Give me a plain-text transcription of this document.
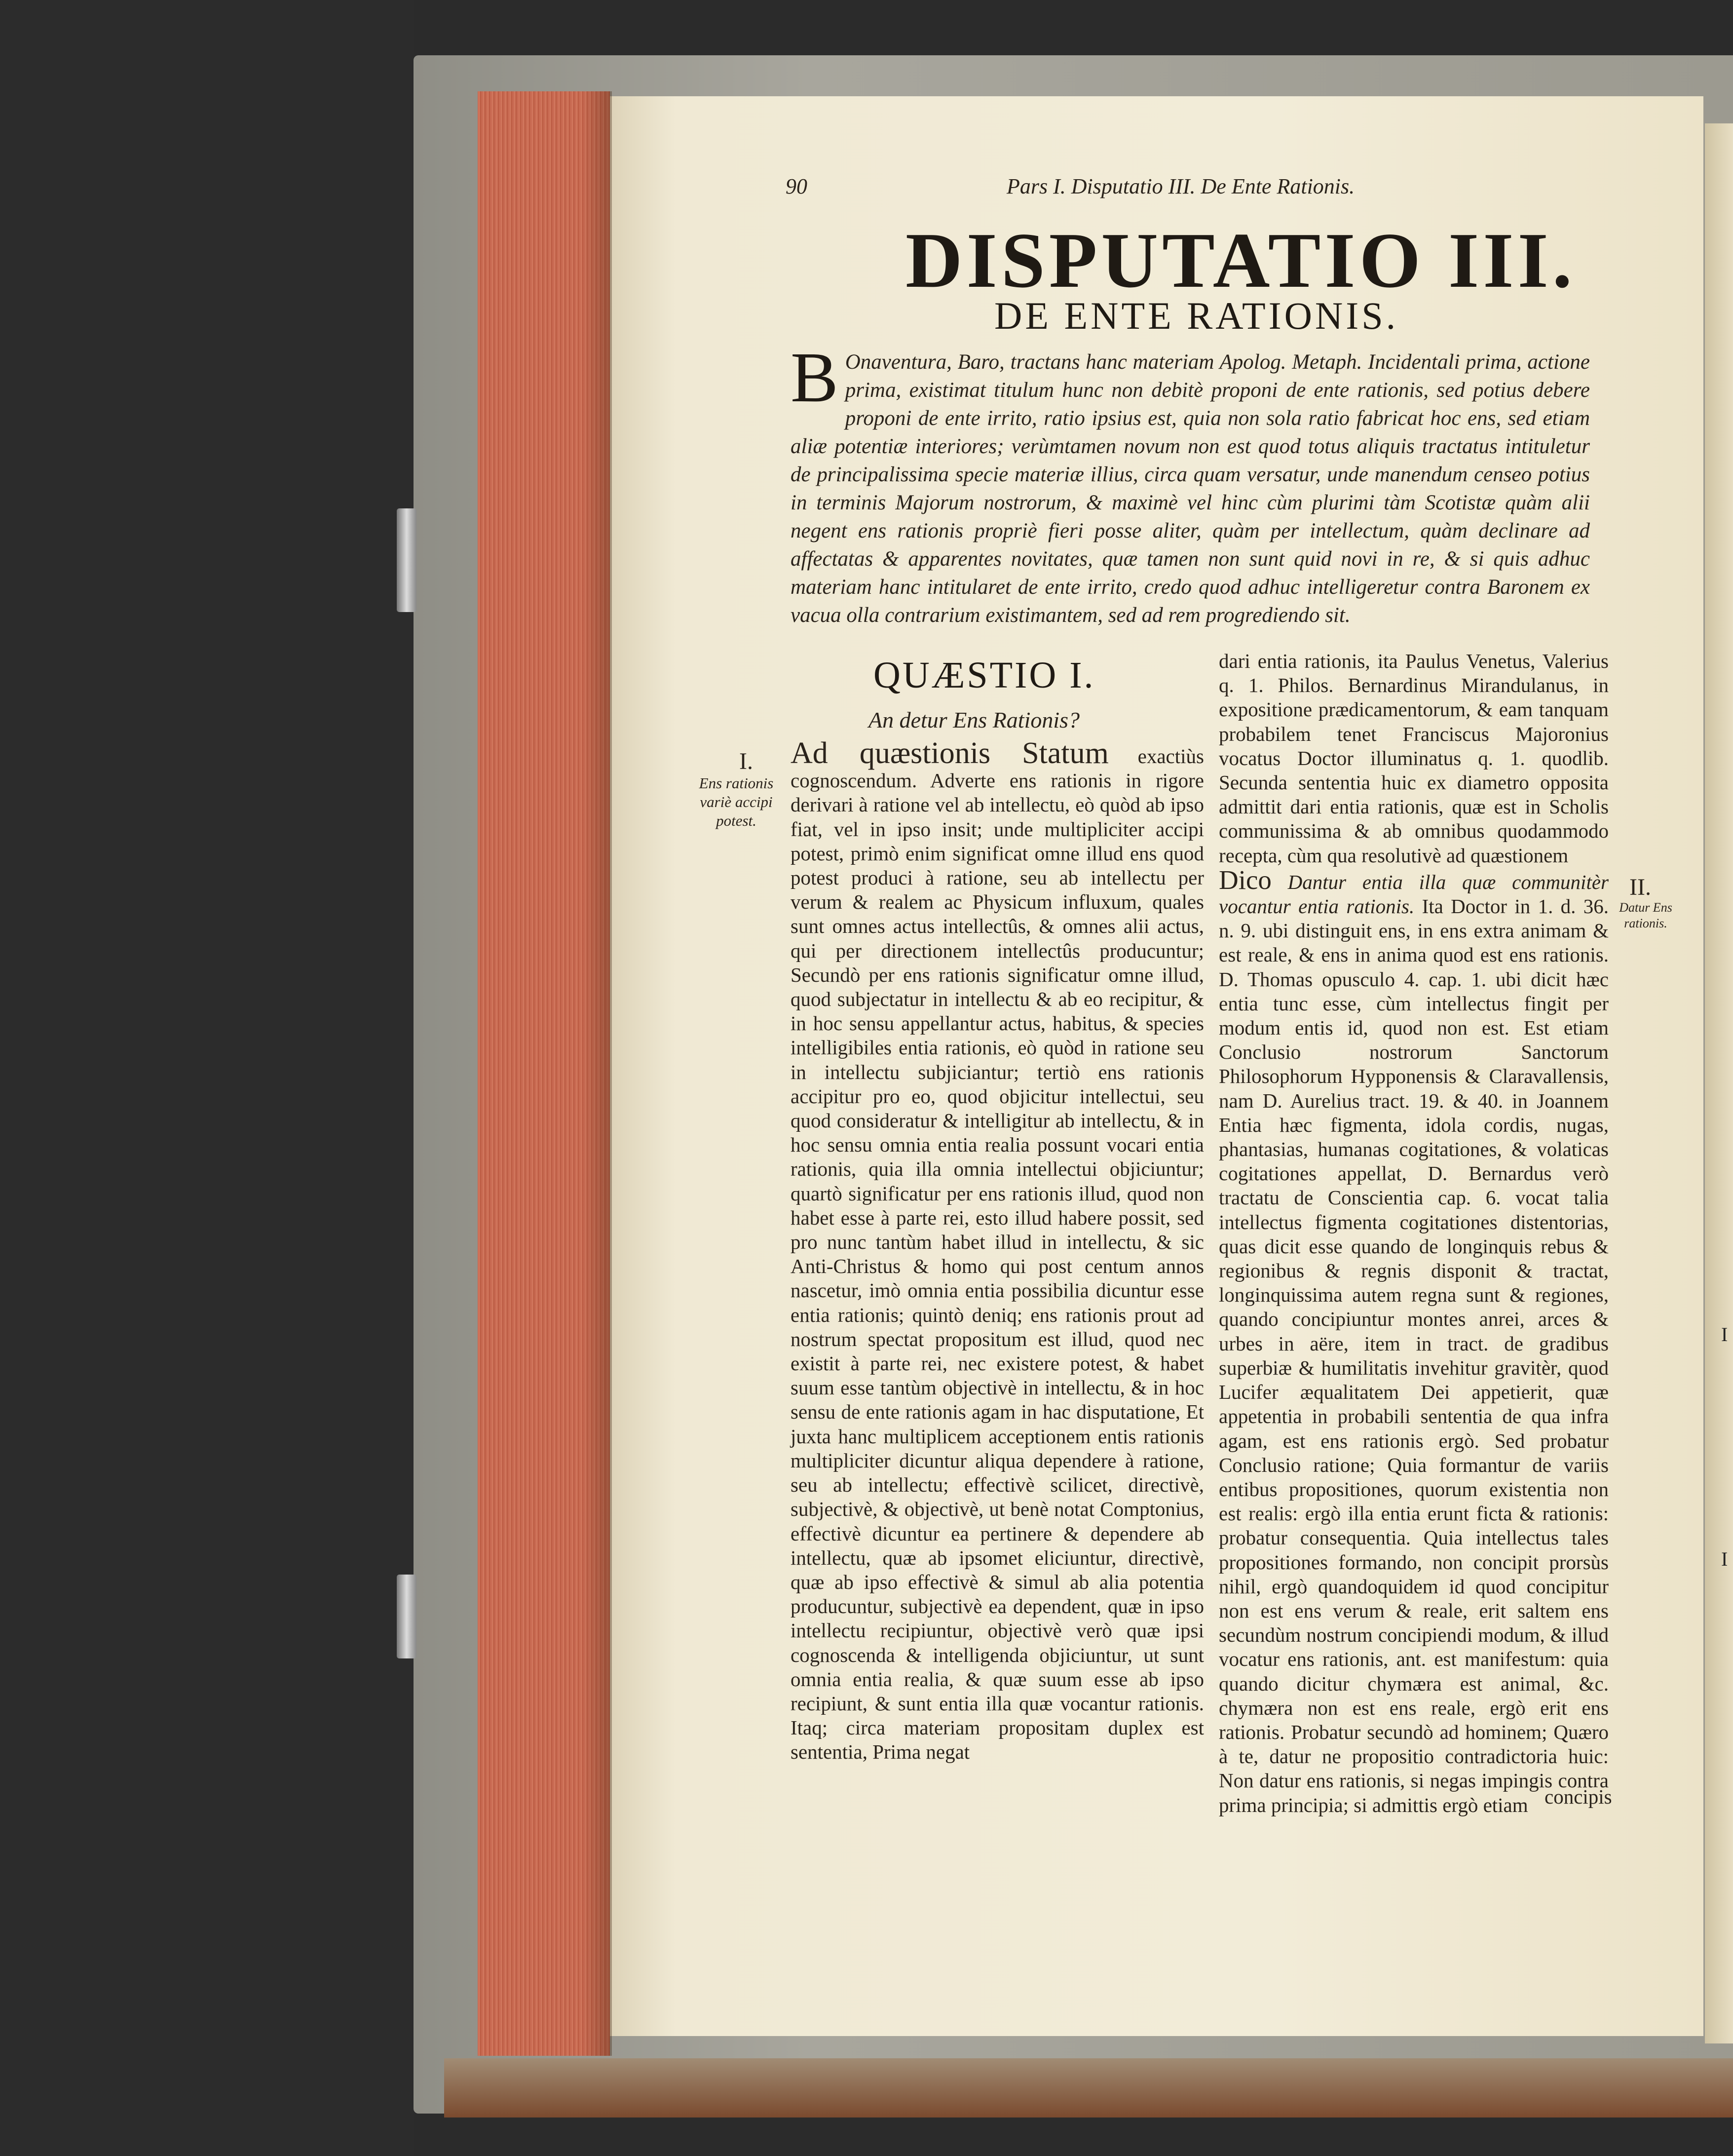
90	Pars I. Disputatio III. De Ente Rationis.
DISPUTATIO III.
DE ENTE RATIONIS.
B Onaventura, Baro, tractans hanc materiam Apolog. Metaph. Incidentali prima, actione prima, existimat titulum hunc non debitè proponi de ente rationis, sed potius debere proponi de ente irrito, ratio ipsius est, quia non sola ratio fabricat hoc ens, sed etiam aliæ potentiæ interiores; verùmtamen novum non est quod totus aliquis tractatus intituletur de principalissima specie materiæ illius, circa quam versatur, unde manendum censeo potius in terminis Majorum nostrorum, & maximè vel hinc cùm plurimi tàm Scotistæ quàm alii negent ens rationis propriè fieri posse aliter, quàm per intellectum, quàm declinare ad affectatas & apparentes novitates, quæ tamen non sunt quid novi in re, & si quis adhuc materiam hanc intitularet de ente irrito, credo quod adhuc intelligeretur contra Baronem ex vacua olla contrarium existimantem, sed ad rem progrediendo sit.
QUÆSTIO I.
An detur Ens Rationis?
Ad quæstionis Statum exactiùs cognoscendum. Adverte ens rationis in rigore derivari à ratione vel ab intellectu, eò quòd ab ipso fiat, vel in ipso insit; unde multipliciter accipi potest, primò enim significat omne illud ens quod potest produci à ratione, seu ab intellectu per verum & realem ac Physicum influxum, quales sunt omnes actus intellectûs, & omnes alii actus, qui per directionem intellectûs producuntur; Secundò per ens rationis significatur omne illud, quod subjectatur in intellectu & ab eo recipitur, & in hoc sensu appellantur actus, habitus, & species intelligibiles entia rationis, eò quòd in ratione seu in intellectu subjiciantur; tertiò ens rationis accipitur pro eo, quod objicitur intellectui, seu quod consideratur & intelligitur ab intellectu, & in hoc sensu omnia entia realia possunt vocari entia rationis, quia illa omnia intellectui objiciuntur; quartò significatur per ens rationis illud, quod non habet esse à parte rei, esto illud habere possit, sed pro nunc tantùm habet illud in intellectu, & sic Anti-Christus & homo qui post centum annos nascetur, imò omnia entia possibilia dicuntur esse entia rationis; quintò deniq; ens rationis prout ad nostrum spectat propositum est illud, quod nec existit à parte rei, nec existere potest, & habet suum esse tantùm objectivè in intellectu, & in hoc sensu de ente rationis agam in hac disputatione, Et juxta hanc multiplicem acceptionem entis rationis multipliciter dicuntur aliqua dependere à ratione, seu ab intellectu; effectivè scilicet, directivè, subjectivè, & objectivè, ut benè notat Comptonius, effectivè dicuntur ea pertinere & dependere ab intellectu, quæ ab ipsomet eliciuntur, directivè, quæ ab ipso effectivè & simul ab alia potentia producuntur, subjectivè ea dependent, quæ in ipso intellectu recipiuntur, objectivè verò quæ ipsi cognoscenda & intelligenda objiciuntur, ut sunt omnia entia realia, & quæ suum esse ab ipso recipiunt, & sunt entia illa quæ vocantur rationis. Itaq; circa materiam propositam duplex est sententia, Prima negat
dari entia rationis, ita Paulus Venetus, Valerius q. 1. Philos. Bernardinus Mirandulanus, in expositione prædicamentorum, & eam tanquam probabilem tenet Franciscus Majoronius vocatus Doctor illuminatus q. 1. quodlib. Secunda sententia huic ex diametro opposita admittit dari entia rationis, quæ est in Scholis communissima & ab omnibus quodammodo recepta, cùm qua resolutivè ad quæstionem
Dico Dantur entia illa quæ communitèr vocantur entia rationis. Ita Doctor in 1. d. 36. n. 9. ubi distinguit ens, in ens extra animam & est reale, & ens in anima quod est ens rationis. D. Thomas opusculo 4. cap. 1. ubi dicit hæc entia tunc esse, cùm intellectus fingit per modum entis id, quod non est. Est etiam Conclusio nostrorum Sanctorum Philosophorum Hypponensis & Claravallensis, nam D. Aurelius tract. 19. & 40. in Joannem Entia hæc figmenta, idola cordis, nugas, phantasias, humanas cogitationes, & volaticas cogitationes appellat, D. Bernardus verò tractatu de Conscientia cap. 6. vocat talia intellectus figmenta cogitationes distentorias, quas dicit esse quando de longinquis rebus & regionibus & regnis disponit & tractat, longinquissima autem regna sunt & regiones, quando concipiuntur montes anrei, arces & urbes in aëre, item in tract. de gradibus superbiæ & humilitatis invehitur gravitèr, quod Lucifer æqualitatem Dei appetierit, quæ appetentia in probabili sententia de qua infra agam, est ens rationis ergò. Sed probatur Conclusio ratione; Quia formantur de variis entibus propositiones, quorum existentia non est realis: ergò illa entia erunt ficta & rationis: probatur consequentia. Quia intellectus tales propositiones formando, non concipit prorsùs nihil, ergò quandoquidem id quod concipitur non est ens verum & reale, erit saltem ens secundùm nostrum concipiendi modum, & illud vocatur ens rationis, ant. est manifestum: quia quando dicitur chymæra est animal, &c. chymæra non est ens reale, ergò erit ens rationis. Probatur secundò ad hominem; Quæro à te, datur ne propositio contradictoria huic: Non datur ens rationis, si negas impingis contra prima principia; si admittis ergò etiam concipis
I.
Ens rationis variè accipi potest.
II.
Datur Ens rationis.
I
I
